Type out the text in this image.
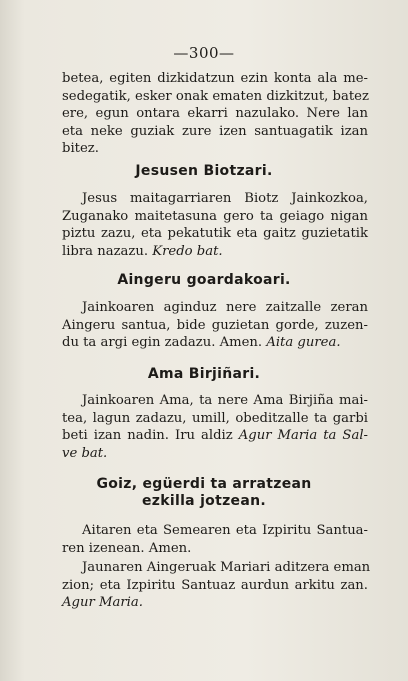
—300—
betea, egiten dizkidatzun ezin konta ala me-
sedegatik, esker onak ematen dizkitzut, batez
ere, egun ontara ekarri nazulako. Nere lan
eta neke guziak zure izen santuagatik izan
bitez.
Jesusen Biotzari.
Jesus maitagarriaren Biotz Jainkozkoa,
Zuganako maitetasuna gero ta geiago nigan
piztu zazu, eta pekatutik eta gaitz guzietatik
libra nazazu. Kredo bat.
Aingeru goardakoari.
Jainkoaren aginduz nere zaitzalle zeran
Aingeru santua, bide guzietan gorde, zuzen-
du ta argi egin zadazu. Amen. Aita gurea.
Ama Birjiñari.
Jainkoaren Ama, ta nere Ama Birjiña mai-
tea, lagun zadazu, umill, obeditzalle ta garbi
beti izan nadin. Iru aldiz Agur Maria ta Sal-
ve bat.
Goiz, egüerdi ta arratzean
ezkilla jotzean.
Aitaren eta Semearen eta Izpiritu Santua-
ren izenean. Amen.
Jaunaren Aingeruak Mariari aditzera eman
zion; eta Izpiritu Santuaz aurdun arkitu zan.
Agur Maria.
